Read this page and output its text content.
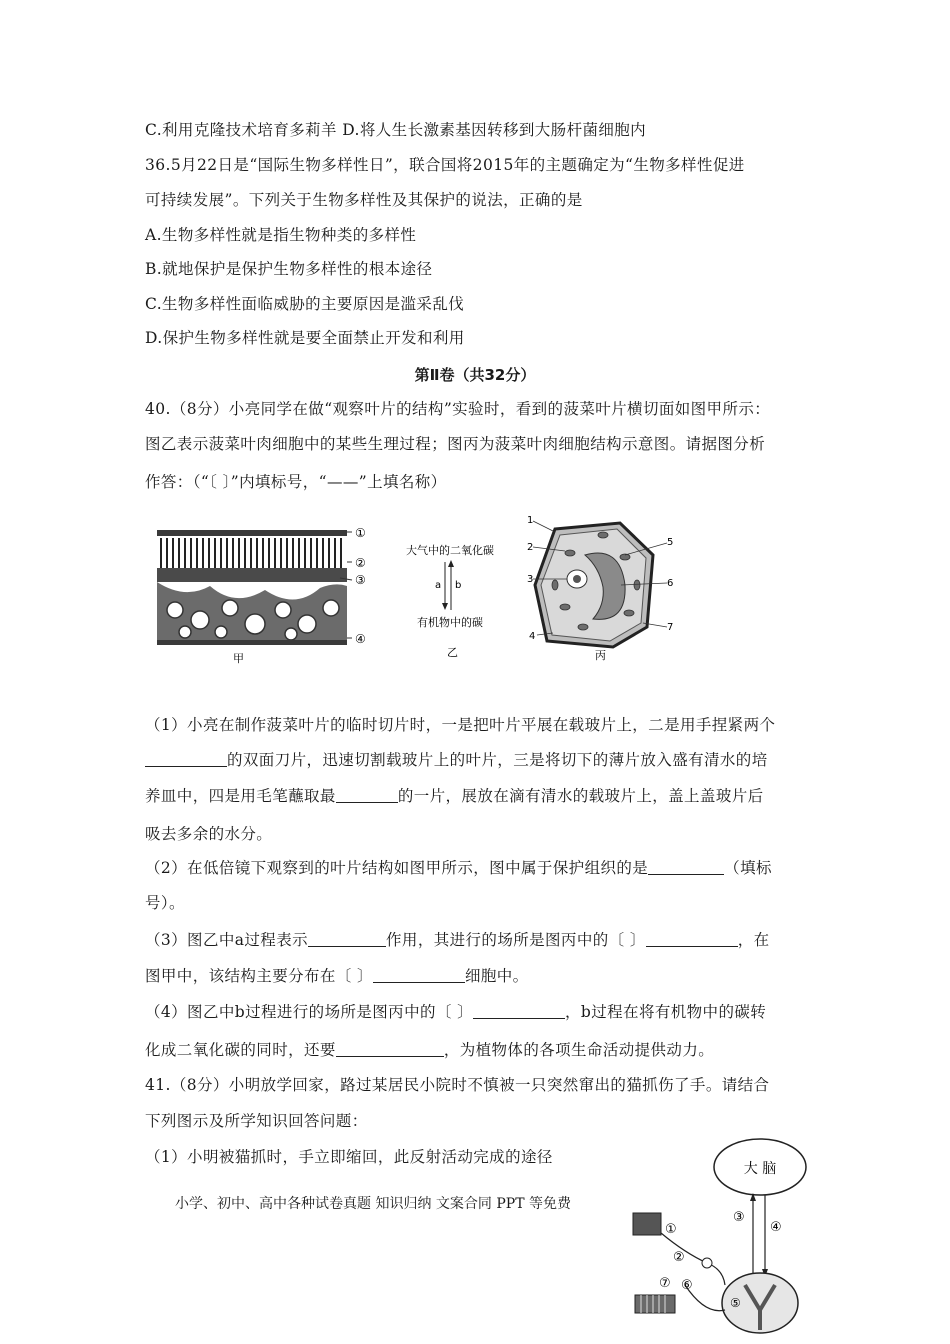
C.利用克隆技术培育多莉羊 D.将人生长激素基因转移到大肠杆菌细胞内
36.5月22日是“国际生物多样性日”，联合国将2015年的主题确定为“生物多样性促进
可持续发展”。下列关于生物多样性及其保护的说法，正确的是
A.生物多样性就是指生物种类的多样性
B.就地保护是保护生物多样性的根本途径
C.生物多样性面临威胁的主要原因是滥采乱伐
D.保护生物多样性就是要全面禁止开发和利用
第Ⅱ卷（共32分）
40.（8分）小亮同学在做“观察叶片的结构”实验时，看到的菠菜叶片横切面如图甲所示：
图乙表示菠菜叶肉细胞中的某些生理过程；图丙为菠菜叶肉细胞结构示意图。请据图分析
作答：（“〔 〕”内填标号，“——”上填名称）
①
②
③
④
甲
大气中的二氧化碳
a b
有机物中的碳
乙
1
2
3
4
5
6
7
丙
（1）小亮在制作菠菜叶片的临时切片时，一是把叶片平展在载玻片上，二是用手捏紧两个
的双面刀片，迅速切割载玻片上的叶片，三是将切下的薄片放入盛有清水的培
养皿中，四是用毛笔蘸取最	的一片，展放在滴有清水的载玻片上，盖上盖玻片后
吸去多余的水分。
（2）在低倍镜下观察到的叶片结构如图甲所示，图中属于保护组织的是	（填标
号）。
（3）图乙中a过程表示	作用，其进行的场所是图丙中的〔 〕	，在
图甲中，该结构主要分布在〔 〕	细胞中。
（4）图乙中b过程进行的场所是图丙中的〔 〕	，b过程在将有机物中的碳转
化成二氧化碳的同时，还要	，为植物体的各项生命活动提供动力。
41.（8分）小明放学回家，路过某居民小院时不慎被一只突然窜出的猫抓伤了手。请结合
下列图示及所学知识回答问题：
（1）小明被猫抓时，手立即缩回，此反射活动完成的途径
小学、初中、高中各种试卷真题 知识归纳 文案合同 PPT 等免费
大 脑
③
④
⑤
①
②
⑦ ⑥
